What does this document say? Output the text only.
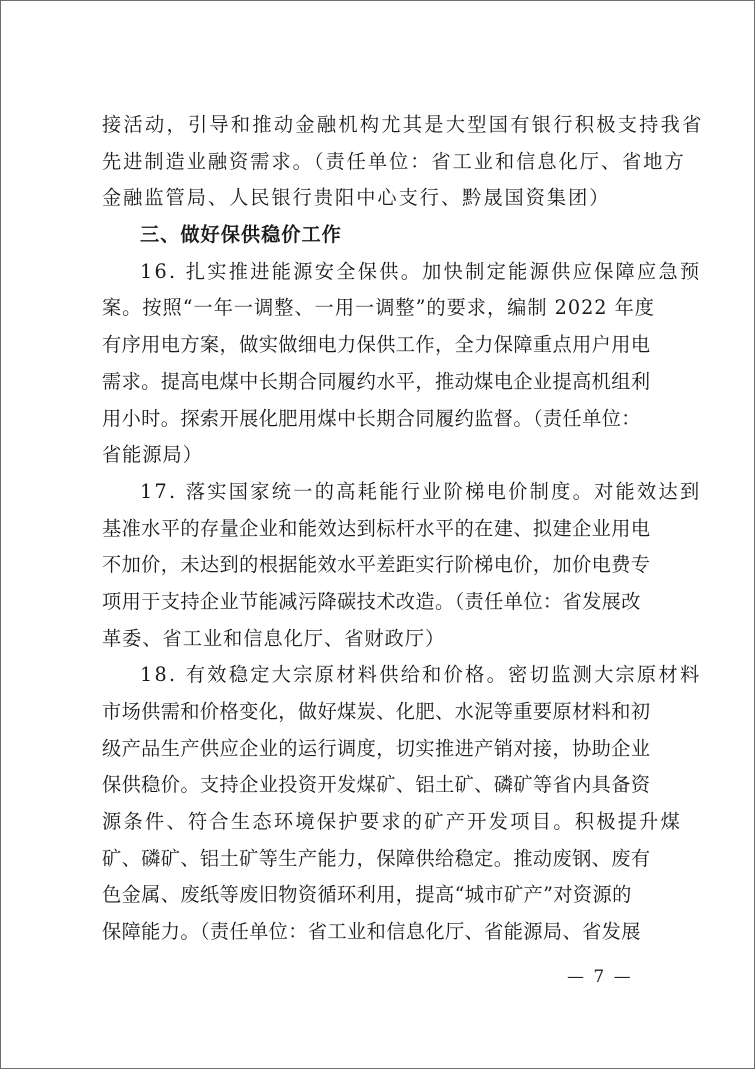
接活动，引导和推动金融机构尤其是大型国有银行积极支持我省
先进制造业融资需求。（责任单位：省工业和信息化厅、省地方
金融监管局、人民银行贵阳中心支行、黔晟国资集团）
三、做好保供稳价工作
16. 扎实推进能源安全保供。加快制定能源供应保障应急预
案。按照“一年一调整、一用一调整”的要求，编制 2022 年度
有序用电方案，做实做细电力保供工作，全力保障重点用户用电
需求。提高电煤中长期合同履约水平，推动煤电企业提高机组利
用小时。探索开展化肥用煤中长期合同履约监督。（责任单位：
省能源局）
17. 落实国家统一的高耗能行业阶梯电价制度。对能效达到
基准水平的存量企业和能效达到标杆水平的在建、拟建企业用电
不加价，未达到的根据能效水平差距实行阶梯电价，加价电费专
项用于支持企业节能减污降碳技术改造。（责任单位：省发展改
革委、省工业和信息化厅、省财政厅）
18. 有效稳定大宗原材料供给和价格。密切监测大宗原材料
市场供需和价格变化，做好煤炭、化肥、水泥等重要原材料和初
级产品生产供应企业的运行调度，切实推进产销对接，协助企业
保供稳价。支持企业投资开发煤矿、铝土矿、磷矿等省内具备资
源条件、符合生态环境保护要求的矿产开发项目。积极提升煤
矿、磷矿、铝土矿等生产能力，保障供给稳定。推动废钢、废有
色金属、废纸等废旧物资循环利用，提高“城市矿产”对资源的
保障能力。（责任单位：省工业和信息化厅、省能源局、省发展
— 7 —
